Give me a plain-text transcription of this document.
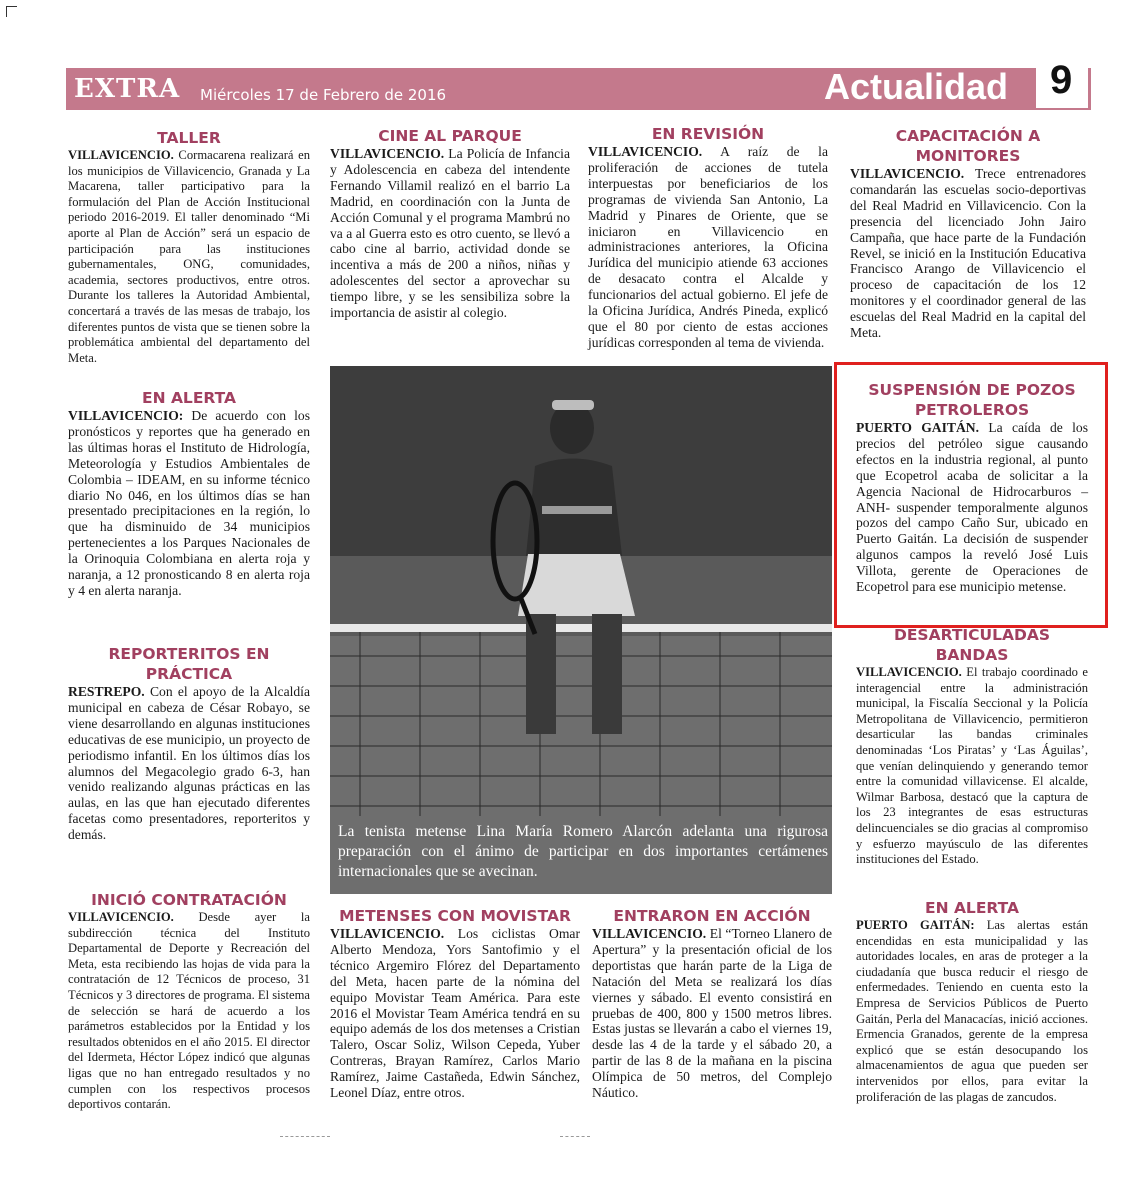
EXTRA Miércoles 17 de Febrero de 2016	Actualidad 9
TALLER

VILLAVICENCIO. Cormacarena realizará en los municipios de Villavicencio, Granada y La Macarena, taller participativo para la formulación del Plan de Acción Institucional periodo 2016-2019. El taller denominado “Mi aporte al Plan de Acción” será un espacio de participación para las instituciones gubernamentales, ONG, comunidades, academia, sectores productivos, entre otros. Durante los talleres la Autoridad Ambiental, concertará a través de las mesas de trabajo, los diferentes puntos de vista que se tienen sobre la problemática ambiental del departamento del Meta.

EN ALERTA

VILLAVICENCIO: De acuerdo con los pronósticos y reportes que ha generado en las últimas horas el Instituto de Hidrología, Meteorología y Estudios Ambientales de Colombia – IDEAM, en su informe técnico diario No 046, en los últimos días se han presentado precipitaciones en la región, lo que ha disminuido de 34 municipios pertenecientes a los Parques Nacionales de la Orinoquia Colombiana en alerta roja y naranja, a 12 pronosticando 8 en alerta roja y 4 en alerta naranja.

REPORTERITOS EN PRÁCTICA

RESTREPO. Con el apoyo de la Alcaldía municipal en cabeza de César Robayo, se viene desarrollando en algunas instituciones educativas de ese municipio, un proyecto de periodismo infantil. En los últimos días los alumnos del Megacolegio grado 6-3, han venido realizando algunas prácticas en las aulas, en las que han ejecutado diferentes facetas como presentadores, reporteritos y demás.

INICIÓ CONTRATACIÓN

VILLAVICENCIO. Desde ayer la subdirección técnica del Instituto Departamental de Deporte y Recreación del Meta, esta recibiendo las hojas de vida para la contratación de 12 Técnicos de proceso, 31 Técnicos y 3 directores de programa. El sistema de selección se hará de acuerdo a los parámetros establecidos por la Entidad y los resultados obtenidos en el año 2015. El director del Idermeta, Héctor López indicó que algunas ligas que no han entregado resultados y no cumplen con los respectivos procesos deportivos contarán.

CINE AL PARQUE

VILLAVICENCIO. La Policía de Infancia y Adolescencia en cabeza del intendente Fernando Villamil realizó en el barrio La Madrid, en coordinación con la Junta de Acción Comunal y el programa Mambrú no va a al Guerra esto es otro cuento, se llevó a cabo cine al barrio, actividad donde se incentiva a más de 200 a niños, niñas y adolescentes del sector a aprovechar su tiempo libre, y se les sensibiliza sobre la importancia de asistir al colegio.

EN REVISIÓN

VILLAVICENCIO. A raíz de la proliferación de acciones de tutela interpuestas por beneficiarios de los programas de vivienda San Antonio, La Madrid y Pinares de Oriente, que se iniciaron en Villavicencio en administraciones anteriores, la Oficina Jurídica del municipio atiende 63 acciones de desacato contra el Alcalde y funcionarios del actual gobierno. El jefe de la Oficina Jurídica, Andrés Pineda, explicó que el 80 por ciento de estas acciones jurídicas corresponden al tema de vivienda.

CAPACITACIÓN A MONITORES

VILLAVICENCIO. Trece entrenadores comandarán las escuelas socio-deportivas del Real Madrid en Villavicencio. Con la presencia del licenciado John Jairo Campaña, que hace parte de la Fundación Revel, se inició en la Institución Educativa Francisco Arango de Villavicencio el proceso de capacitación de los 12 monitores y el coordinador general de las escuelas del Real Madrid en la capital del Meta.

SUSPENSIÓN DE POZOS PETROLEROS

PUERTO GAITÁN. La caída de los precios del petróleo sigue causando efectos en la industria regional, al punto que Ecopetrol acaba de solicitar a la Agencia Nacional de Hidrocarburos –ANH- suspender temporalmente algunos pozos del campo Caño Sur, ubicado en Puerto Gaitán. La decisión de suspender algunos campos la reveló José Luis Villota, gerente de Operaciones de Ecopetrol para ese municipio metense.

DESARTICULADAS BANDAS

VILLAVICENCIO. El trabajo coordinado e interagencial entre la administración municipal, la Fiscalía Seccional y la Policía Metropolitana de Villavicencio, permitieron desarticular las bandas criminales denominadas ‘Los Piratas’ y ‘Las Águilas’, que venían delinquiendo y generando temor entre la comunidad villavicense. El alcalde, Wilmar Barbosa, destacó que la captura de los 23 integrantes de esas estructuras delincuenciales se dio gracias al compromiso y esfuerzo mayúsculo de las diferentes instituciones del Estado.

EN ALERTA

PUERTO GAITÁN: Las alertas están encendidas en esta municipalidad y las autoridades locales, en aras de proteger a la ciudadanía que busca reducir el riesgo de enfermedades. Teniendo en cuenta esto la Empresa de Servicios Públicos de Puerto Gaitán, Perla del Manacacías, inició acciones. Ermencia Granados, gerente de la empresa explicó que se están desocupando los almacenamientos de agua que pueden ser intervenidos por ellos, para evitar la proliferación de las plagas de zancudos.

La tenista metense Lina María Romero Alarcón adelanta una rigurosa preparación con el ánimo de participar en dos importantes certámenes internacionales que se avecinan.
METENSES CON MOVISTAR

VILLAVICENCIO. Los ciclistas Omar Alberto Mendoza, Yors Santofimio y el técnico Argemiro Flórez del Departamento del Meta, hacen parte de la nómina del equipo Movistar Team América. Para este 2016 el Movistar Team América tendrá en su equipo además de los dos metenses a Cristian Talero, Oscar Soliz, Wilson Cepeda, Yuber Contreras, Brayan Ramírez, Carlos Mario Ramírez, Jaime Castañeda, Edwin Sánchez, Leonel Díaz, entre otros.

ENTRARON EN ACCIÓN

VILLAVICENCIO. El “Torneo Llanero de Apertura” y la presentación oficial de los deportistas que harán parte de la Liga de Natación del Meta se realizará los días viernes y sábado. El evento consistirá en pruebas de 400, 800 y 1500 metros libres. Estas justas se llevarán a cabo el viernes 19, desde las 4 de la tarde y el sábado 20, a partir de las 8 de la mañana en la piscina Olímpica de 50 metros, del Complejo Náutico.
